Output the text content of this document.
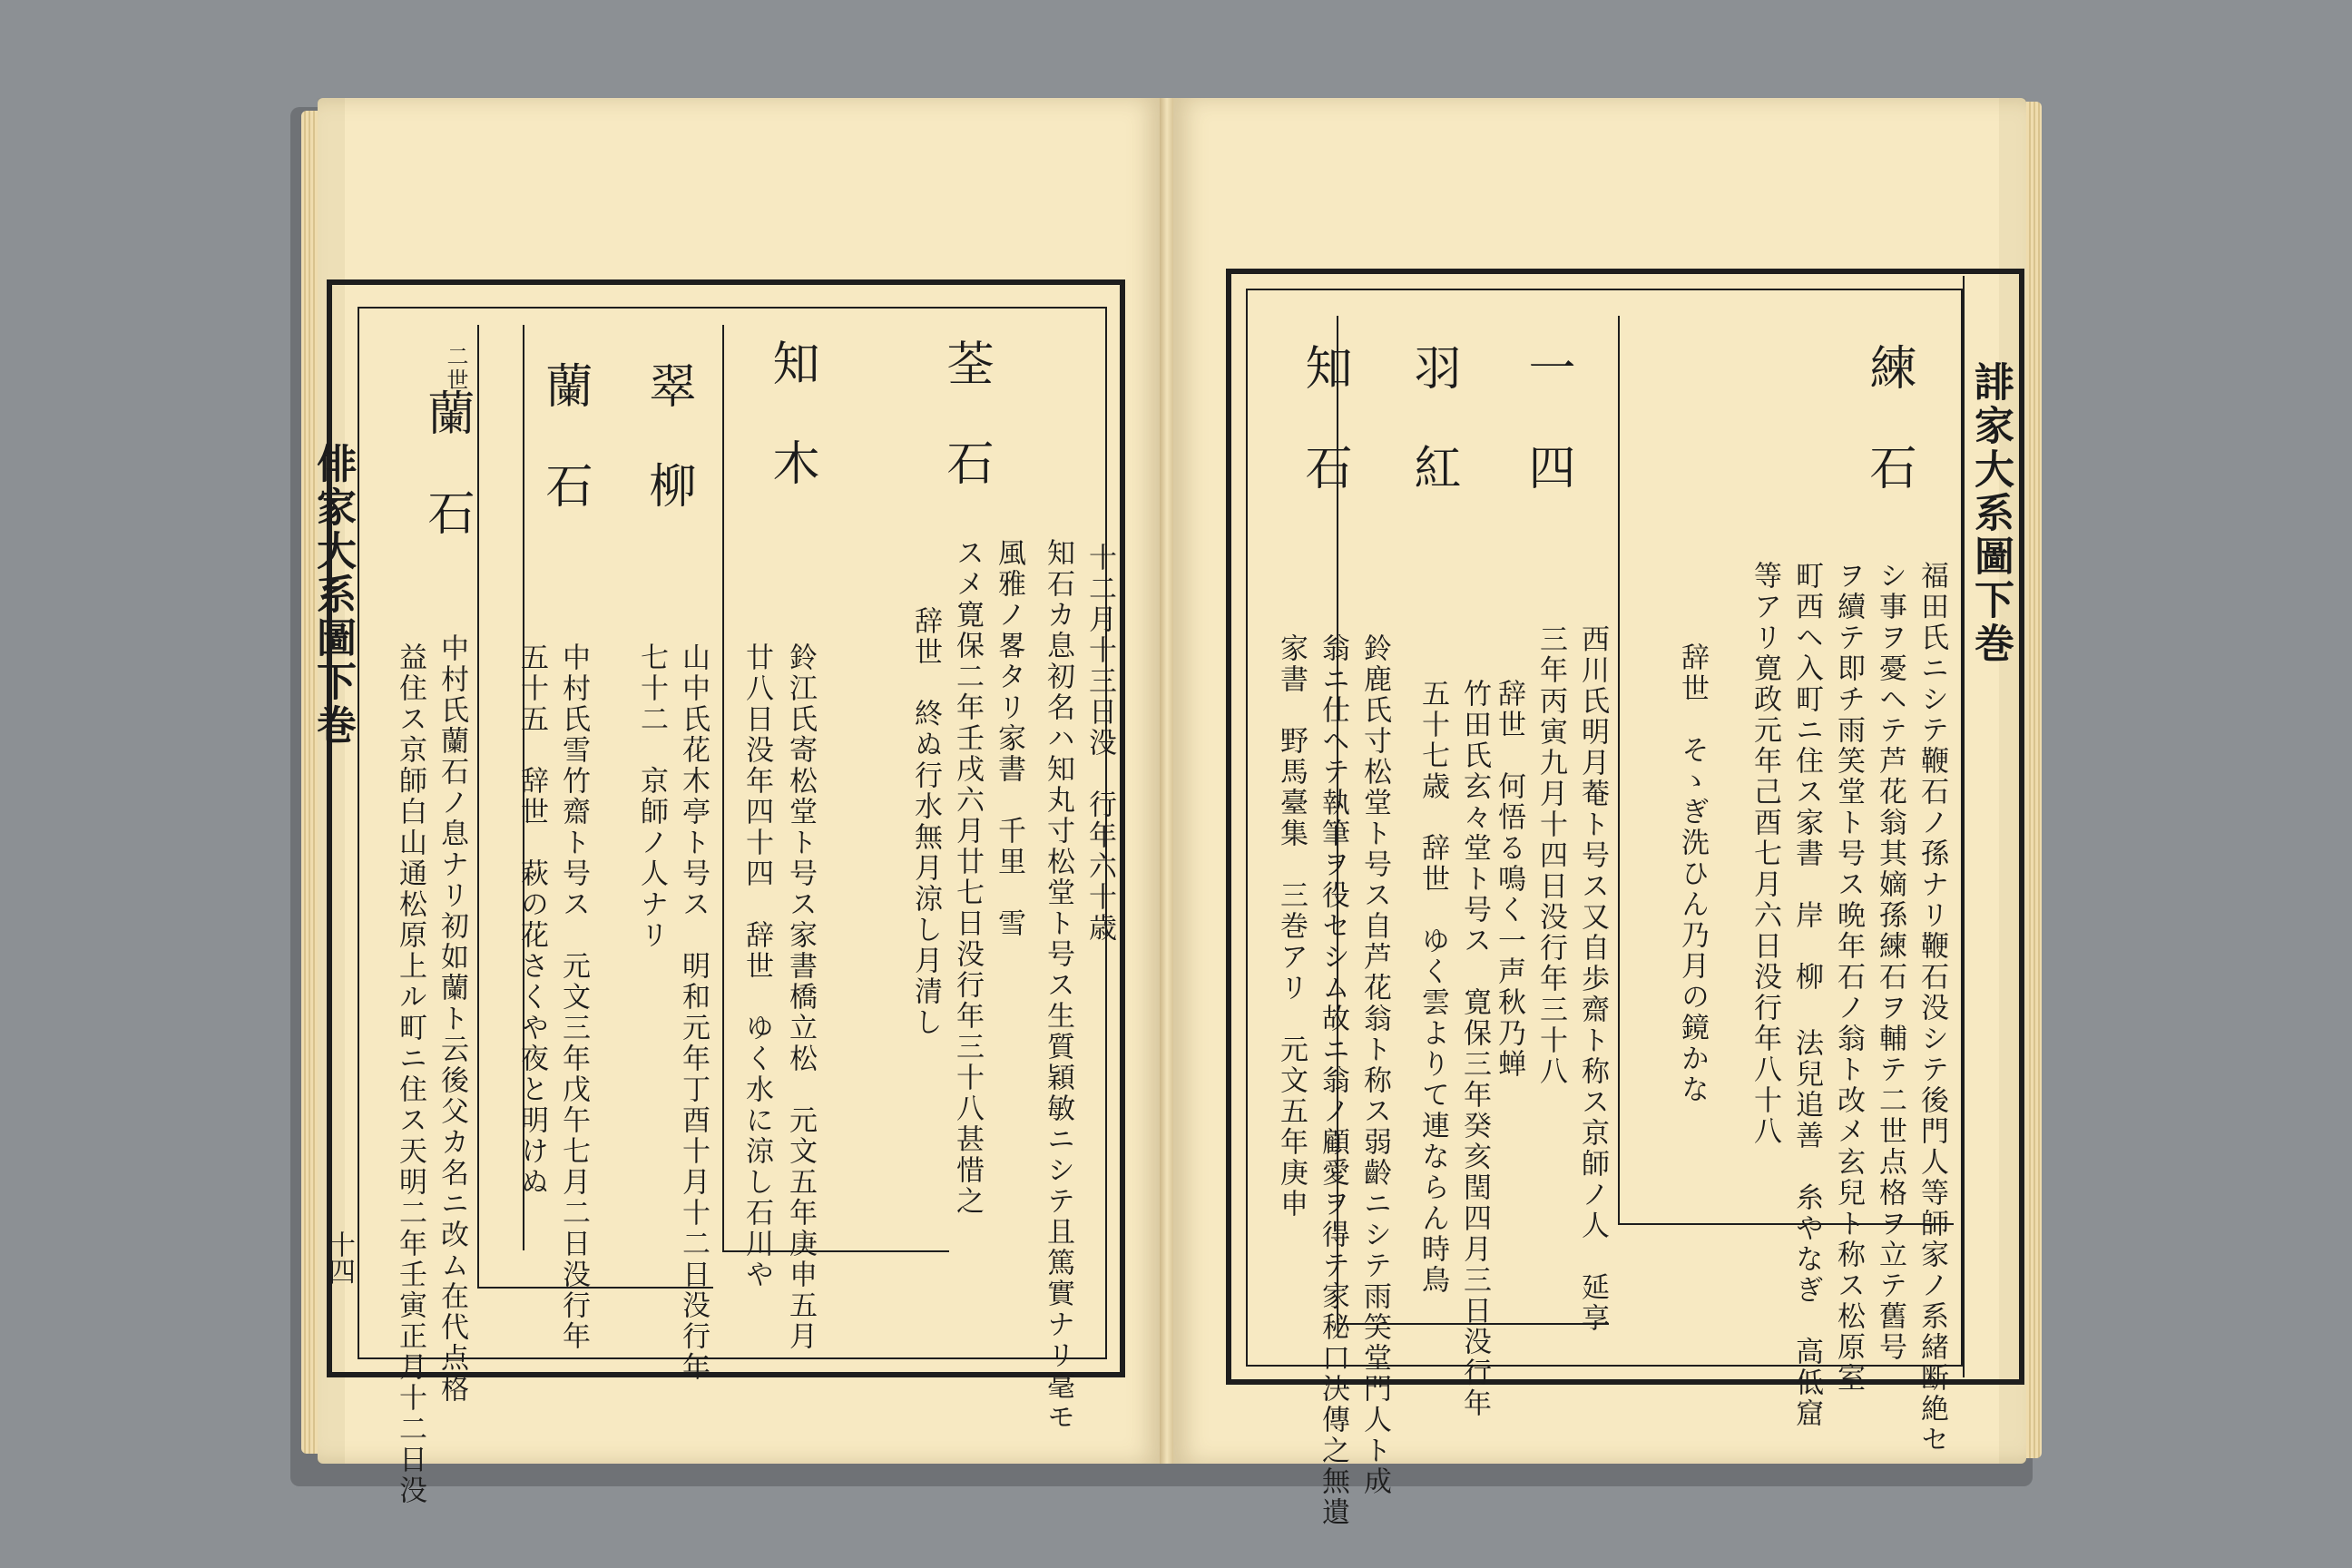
俳家大系圖下巻
十四
荃石
十二月十三日没　行年六十歳
知石カ息初名ハ知丸寸松堂ト号ス生質穎敏ニシテ且篤實ナリ毫モ
風雅ノ畧タリ家書　千里　雪
スメ寛保二年壬戌六月廿七日没行年三十八甚惜之
辞世　終ぬ行水無月涼し月清し
知木
鈴江氏寄松堂ト号ス家書橋立松　元文五年庚申五月
廿八日没年四十四　辞世　ゆく水に涼し石川や
翠柳
山中氏花木亭ト号ス　明和元年丁酉十月十二日没行年
七十二　京師ノ人ナリ
蘭石
中村氏雪竹齋ト号ス　元文三年戊午七月二日没行年
五十五　辞世　萩の花さくや夜と明けぬ
二世
蘭石
中村氏蘭石ノ息ナリ初如蘭ト云後父カ名ニ改ム在代点格
益住ス京師白山通松原上ル町ニ住ス天明二年壬寅正月十二日没
誹家大系圖下巻
練石
福田氏ニシテ鞭石ノ孫ナリ鞭石没シテ後門人等師家ノ系緒断絶セ
シ事ヲ憂ヘテ芦花翁其嫡孫練石ヲ輔テ二世点格ヲ立テ舊号
ヲ續テ即チ雨笑堂ト号ス晩年石ノ翁ト改メ玄兒ト称ス松原室
町西ヘ入町ニ住ス家書　岸　柳 法兒追善　糸やなぎ　高低窟
等アリ寛政元年己酉七月六日没行年八十八
辞世　そゝぎ洗ひん乃月の鏡かな
一四
西川氏明月菴ト号ス又自歩齋ト称ス京師ノ人　延享
三年丙寅九月十四日没行年三十八
辞世　何悟る鳴く一声秋乃蝉
羽紅
竹田氏玄々堂ト号ス　寛保三年癸亥閏四月三日没行年
五十七歳　辞世　ゆく雲よりて連ならん時鳥
知石
鈴鹿氏寸松堂ト号ス自芦花翁ト称ス弱齡ニシテ雨笑堂門人ト成
翁ニ仕ヘテ執筆ヲ役セシム故ニ翁ノ顧愛ヲ得テ家秘口決傳之無遺
家書　野馬臺集　三巻アリ　元文五年庚申
